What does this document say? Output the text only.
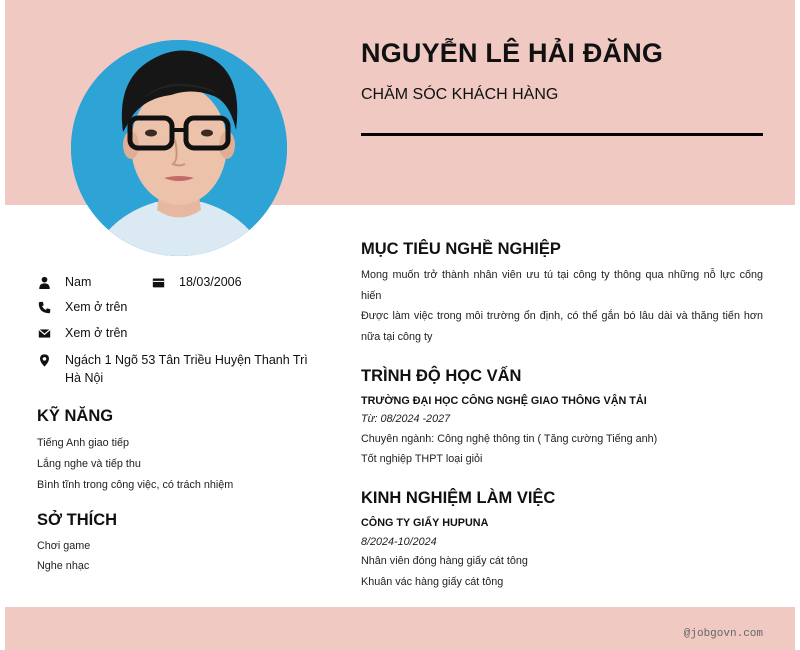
NGUYỄN LÊ HẢI ĐĂNG

CHĂM SÓC KHÁCH HÀNG

Nam	18/03/2006
Xem ở trên
Xem ở trên
Ngách 1 Ngõ 53 Tân Triều Huyện Thanh Trì
Hà Nội
KỸ NĂNG

Tiếng Anh giao tiếp

Lắng nghe và tiếp thu

Bình tĩnh trong công việc, có trách nhiệm

SỞ THÍCH

Chơi game

Nghe nhạc

MỤC TIÊU NGHỀ NGHIỆP

Mong muốn trở thành nhân viên ưu tú tại công ty thông qua những nỗ lực cống hiến
Được làm việc trong môi trường ổn định, có thể gắn bó lâu dài và thăng tiến hơn nữa tại công ty

TRÌNH ĐỘ HỌC VẤN

TRƯỜNG ĐẠI HỌC CÔNG NGHỆ GIAO THÔNG VẬN TẢI

Từ: 08/2024 -2027

Chuyên ngành: Công nghệ thông tin ( Tăng cường Tiếng anh)

Tốt nghiệp THPT loại giỏi

KINH NGHIỆM LÀM VIỆC

CÔNG TY GIẤY HUPUNA

8/2024-10/2024

Nhân viên đóng hàng giấy cát tông

Khuân vác hàng giấy cát tông

@jobgovn.com
